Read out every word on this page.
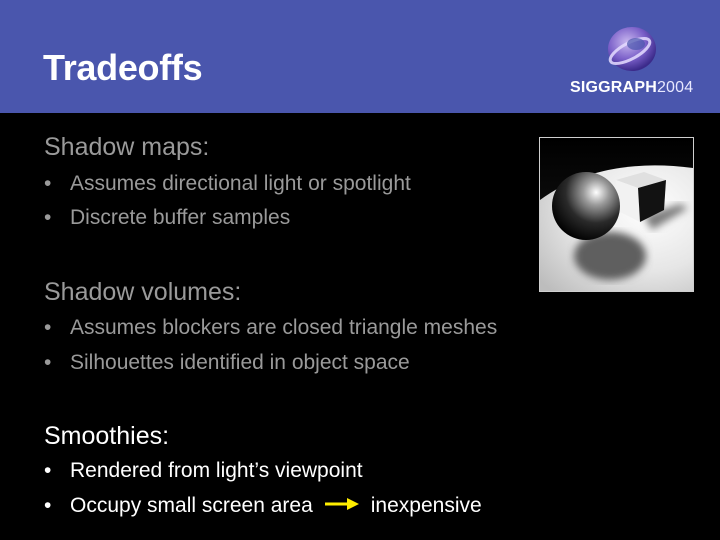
Tradeoffs	SIGGRAPH2004
Shadow maps:
• Assumes directional light or spotlight
• Discrete buffer samples
Shadow volumes:
• Assumes blockers are closed triangle meshes
• Silhouettes identified in object space
Smoothies:
• Rendered from light’s viewpoint
• Occupy small screen area	inexpensive
